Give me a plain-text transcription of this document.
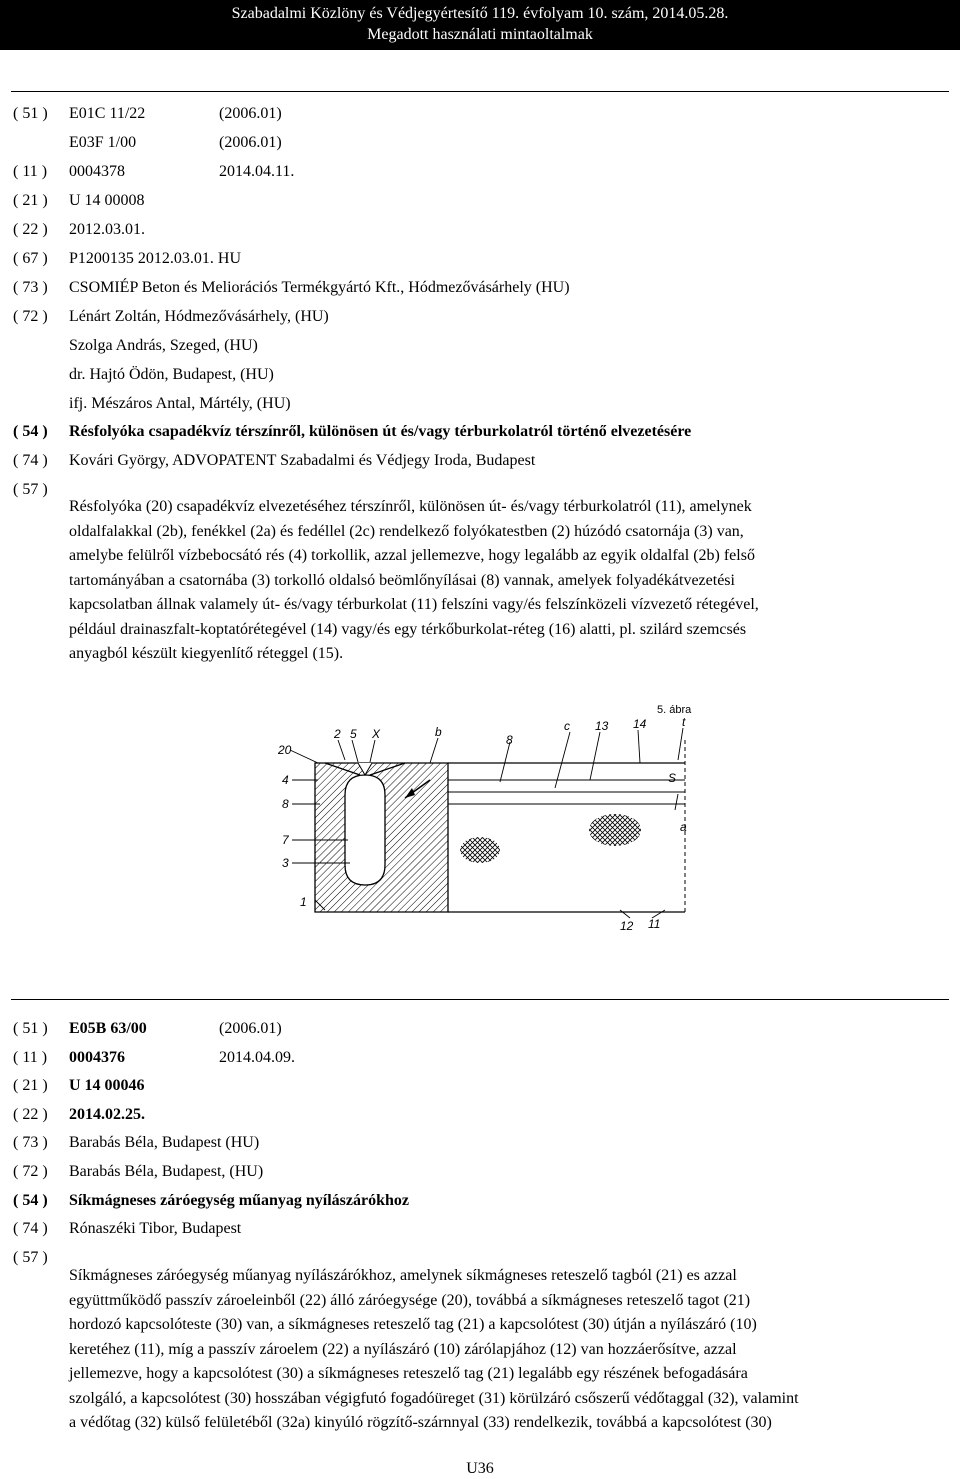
Szabadalmi Közlöny és Védjegyértesítő 119. évfolyam 10. szám, 2014.05.28.
Megadott használati mintaoltalmak
( 51 )	E01C 11/22	(2006.01)
E03F 1/00	(2006.01)
( 11 )	0004378	2014.04.11.
( 21 )	U 14 00008
( 22 )	2012.03.01.
( 67 )	P1200135 2012.03.01. HU
( 73 )	CSOMIÉP Beton és Meliorációs Termékgyártó Kft., Hódmezővásárhely (HU)
( 72 )	Lénárt Zoltán, Hódmezővásárhely, (HU)
Szolga András, Szeged, (HU)
dr. Hajtó Ödön, Budapest, (HU)
ifj. Mészáros Antal, Mártély, (HU)
( 54 )	Résfolyóka csapadékvíz térszínről, különösen út és/vagy térburkolatról történő elvezetésére
( 74 )	Kovári György, ADVOPATENT Szabadalmi és Védjegy Iroda, Budapest
( 57 )

Résfolyóka (20) csapadékvíz elvezetéséhez térszínről, különösen út- és/vagy térburkolatról (11), amelynek

oldalfalakkal (2b), fenékkel (2a) és fedéllel (2c) rendelkező folyókatestben (2) húzódó csatornája (3) van,

amelybe felülről vízbebocsátó rés (4) torkollik, azzal jellemezve, hogy legalább az egyik oldalfal (2b) felső

tartományában a csatornába (3) torkolló oldalsó beömlőnyílásai (8) vannak, amelyek folyadékátvezetési

kapcsolatban állnak valamely út- és/vagy térburkolat (11) felszíni vagy/és felszínközeli vízvezető rétegével,

például drainaszfalt-koptatórétegével (14) vagy/és egy térkőburkolat-réteg (16) alatti, pl. szilárd szemcsés

anyagból készült kiegyenlítő réteggel (15).

5. ábra
20
2 5 X	b
8
c 13 14	t
4
8
7
3
S
a
1
12 11
( 51 )	E05B 63/00	(2006.01)
( 11 )	0004376	2014.04.09.
( 21 )	U 14 00046
( 22 )	2014.02.25.
( 73 )	Barabás Béla, Budapest (HU)
( 72 )	Barabás Béla, Budapest, (HU)
( 54 )	Síkmágneses záróegység műanyag nyílászárókhoz
( 74 )	Rónaszéki Tibor, Budapest
( 57 )

Síkmágneses záróegység műanyag nyílászárókhoz, amelynek síkmágneses reteszelő tagból (21) es azzal

együttműködő passzív zároeleinből (22) álló záróegysége (20), továbbá a síkmágneses reteszelő tagot (21)

hordozó kapcsolóteste (30) van, a síkmágneses reteszelő tag (21) a kapcsolótest (30) útján a nyílászáró (10)

keretéhez (11), míg a passzív zároelem (22) a nyílászáró (10) zárólapjához (12) van hozzáerősítve, azzal

jellemezve, hogy a kapcsolótest (30) a síkmágneses reteszelő tag (21) legalább egy részének befogadására

szolgáló, a kapcsolótest (30) hosszában végigfutó fogadóüreget (31) körülzáró csőszerű védőtaggal (32), valamint

a védőtag (32) külső felületéből (32a) kinyúló rögzítő-szárnnyal (33) rendelkezik, továbbá a kapcsolótest (30)

U36
